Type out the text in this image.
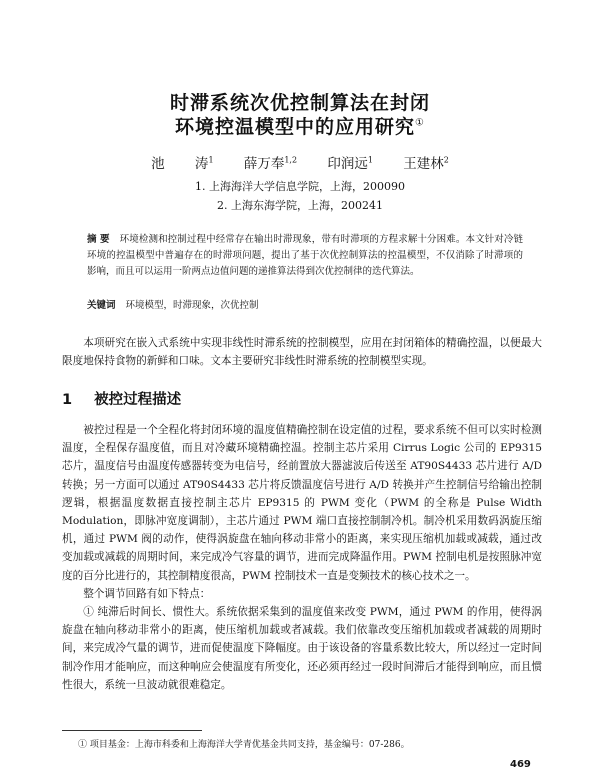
时滞系统次优控制算法在封闭
环境控温模型中的应用研究①
池 涛$^1$ 薛万奉$^{1,2}$ 印润远$^1$ 王建林$^2$
1. 上海海洋大学信息学院，上海，200090
2. 上海东海学院，上海，200241
摘 要 环境检测和控制过程中经常存在输出时滞现象，带有时滞项的方程求解十分困难。本文针对冷链环境的控温模型中普遍存在的时滞项问题，提出了基于次优控制算法的控温模型，不仅消除了时滞项的影响，而且可以运用一阶两点边值问题的递推算法得到次优控制律的迭代算法。
关键词 环境模型，时滞现象，次优控制

本项研究在嵌入式系统中实现非线性时滞系统的控制模型，应用在封闭箱体的精确控温，以便最大限度地保持食物的新鲜和口味。文本主要研究非线性时滞系统的控制模型实现。

1 被控过程描述

被控过程是一个全程化将封闭环境的温度值精确控制在设定值的过程，要求系统不但可以实时检测温度，全程保存温度值，而且对冷藏环境精确控温。控制主芯片采用 Cirrus Logic 公司的 EP9315 芯片，温度信号由温度传感器转变为电信号，经前置放大器滤波后传送至 AT90S4433 芯片进行 A/D 转换；另一方面可以通过 AT90S4433 芯片将反馈温度信号进行 A/D 转换并产生控制信号给输出控制逻辑，根据温度数据直接控制主芯片 EP9315 的 PWM 变化（PWM 的全称是 Pulse Width Modulation，即脉冲宽度调制），主芯片通过 PWM 端口直接控制制冷机。制冷机采用数码涡旋压缩机，通过 PWM 阀的动作，使得涡旋盘在轴向移动非常小的距离，来实现压缩机加载或减载，通过改变加载或减载的周期时间，来完成冷气容量的调节，进而完成降温作用。PWM 控制电机是按照脉冲宽度的百分比进行的，其控制精度很高，PWM 控制技术一直是变频技术的核心技术之一。

整个调节回路有如下特点：

① 纯滞后时间长、惯性大。系统依据采集到的温度值来改变 PWM，通过 PWM 的作用，使得涡旋盘在轴向移动非常小的距离，使压缩机加载或者减载。我们依靠改变压缩机加载或者减载的周期时间，来完成冷气量的调节，进而促使温度下降幅度。由于该设备的容量系数比较大，所以经过一定时间制冷作用才能响应，而这种响应会使温度有所变化，还必须再经过一段时间滞后才能得到响应，而且惯性很大，系统一旦波动就很难稳定。

① 项目基金：上海市科委和上海海洋大学青优基金共同支持，基金编号：07-286。
469
